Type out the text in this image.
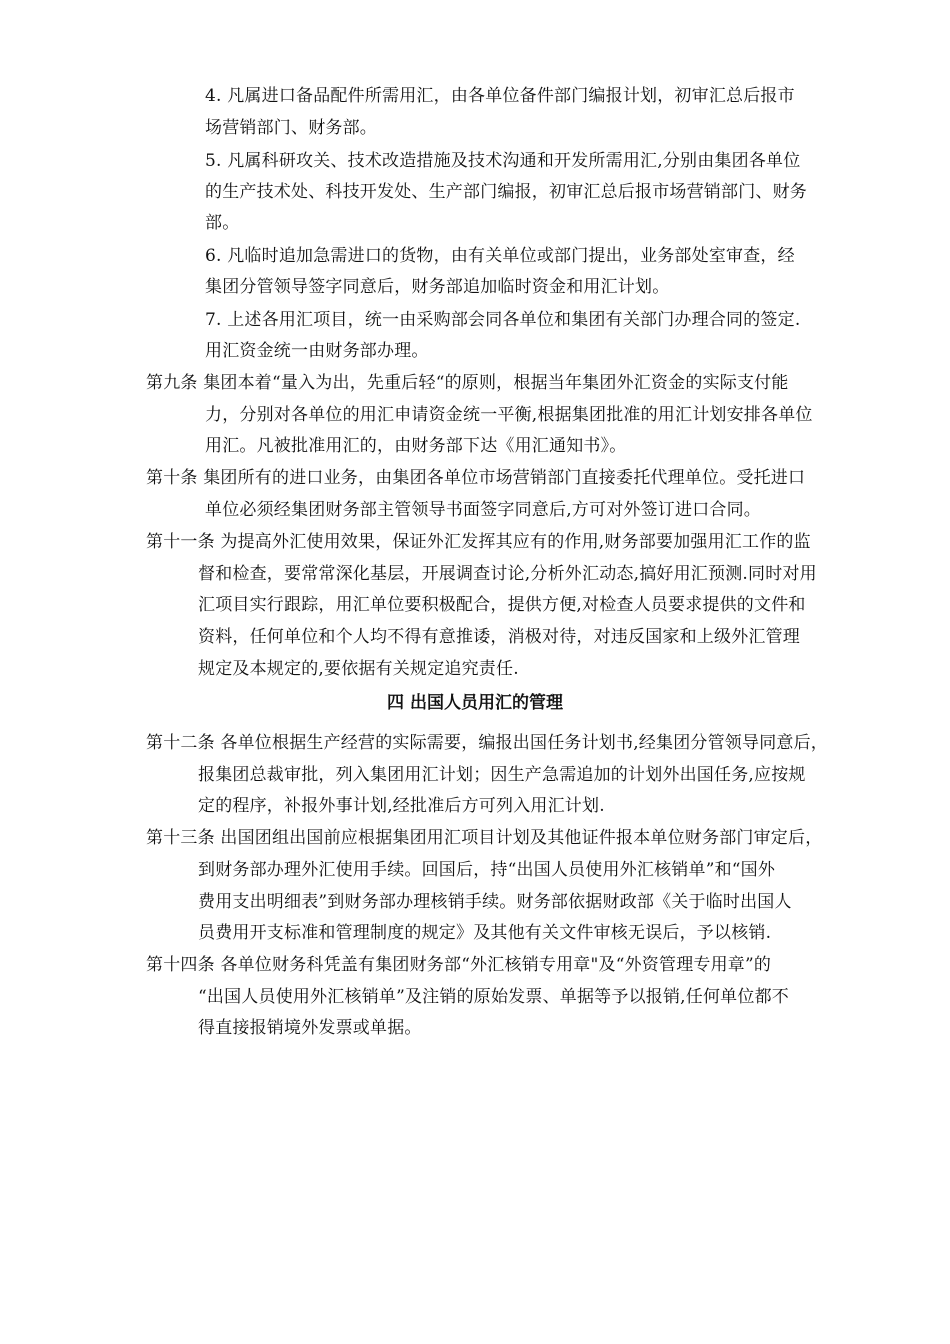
4. 凡属进口备品配件所需用汇，由各单位备件部门编报计划，初审汇总后报市
场营销部门、财务部。
5. 凡属科研攻关、技术改造措施及技术沟通和开发所需用汇,分别由集团各单位
的生产技术处、科技开发处、生产部门编报，初审汇总后报市场营销部门、财务
部。
6. 凡临时追加急需进口的货物，由有关单位或部门提出，业务部处室审查，经
集团分管领导签字同意后，财务部追加临时资金和用汇计划。
7. 上述各用汇项目，统一由采购部会同各单位和集团有关部门办理合同的签定.
用汇资金统一由财务部办理。
第九条 集团本着“量入为出，先重后轻“的原则，根据当年集团外汇资金的实际支付能
力，分别对各单位的用汇申请资金统一平衡,根据集团批准的用汇计划安排各单位
用汇。凡被批准用汇的，由财务部下达《用汇通知书》。
第十条 集团所有的进口业务，由集团各单位市场营销部门直接委托代理单位。受托进口
单位必须经集团财务部主管领导书面签字同意后,方可对外签订进口合同。
第十一条 为提高外汇使用效果，保证外汇发挥其应有的作用,财务部要加强用汇工作的监
督和检查，要常常深化基层，开展调查讨论,分析外汇动态,搞好用汇预测.同时对用
汇项目实行跟踪，用汇单位要积极配合，提供方便,对检查人员要求提供的文件和
资料，任何单位和个人均不得有意推诿，消极对待，对违反国家和上级外汇管理
规定及本规定的,要依据有关规定追究责任.
四 出国人员用汇的管理
第十二条 各单位根据生产经营的实际需要，编报出国任务计划书,经集团分管领导同意后，
报集团总裁审批，列入集团用汇计划；因生产急需追加的计划外出国任务,应按规
定的程序，补报外事计划,经批准后方可列入用汇计划.
第十三条 出国团组出国前应根据集团用汇项目计划及其他证件报本单位财务部门审定后，
到财务部办理外汇使用手续。回国后，持“出国人员使用外汇核销单”和“国外
费用支出明细表”到财务部办理核销手续。财务部依据财政部《关于临时出国人
员费用开支标准和管理制度的规定》及其他有关文件审核无误后，予以核销.
第十四条 各单位财务科凭盖有集团财务部“外汇核销专用章"及“外资管理专用章”的
“出国人员使用外汇核销单”及注销的原始发票、单据等予以报销,任何单位都不
得直接报销境外发票或单据。
